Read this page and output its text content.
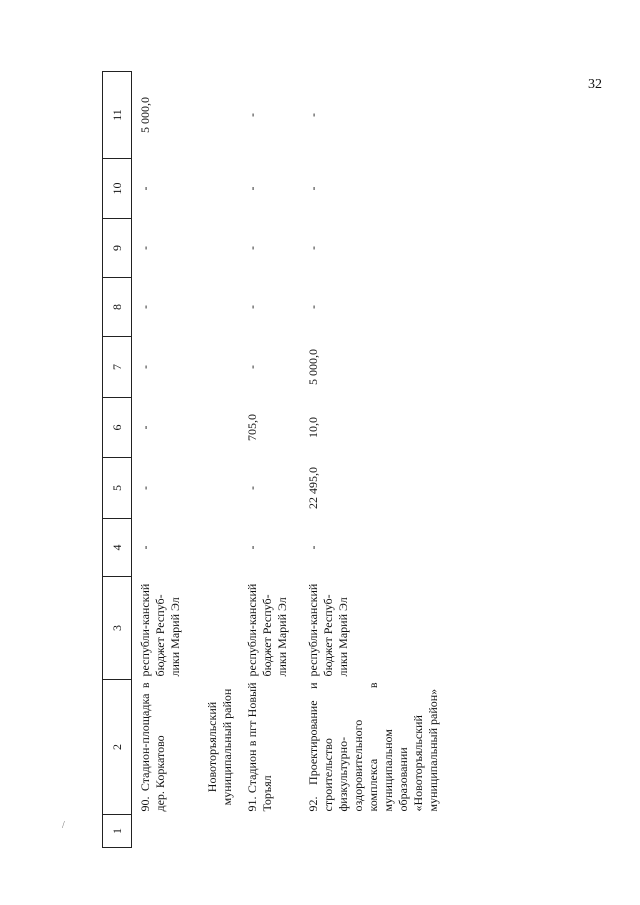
32
1	2	3	4	5	6	7	8	9	10	11
	90. Стадион-площадка в дер. Коркатово	республи-канский бюджет Респуб-лики Марий Эл	-	-	-	-	-	-	-	5 000,0
	Новоторъяльский муниципальный район									
	91. Стадион в пгт Новый Торъял	республи-канский бюджет Респуб-лики Марий Эл	-	-	705,0	-	-	-	-	-
	92. Проектирование и строительство физкультурно-оздоровительного комплекса в муниципальном образовании «Новоторъяльский муниципальный район»	республи-канский бюджет Респуб-лики Марий Эл	-	22 495,0	10,0	5 000,0	-	-	-	-
/
